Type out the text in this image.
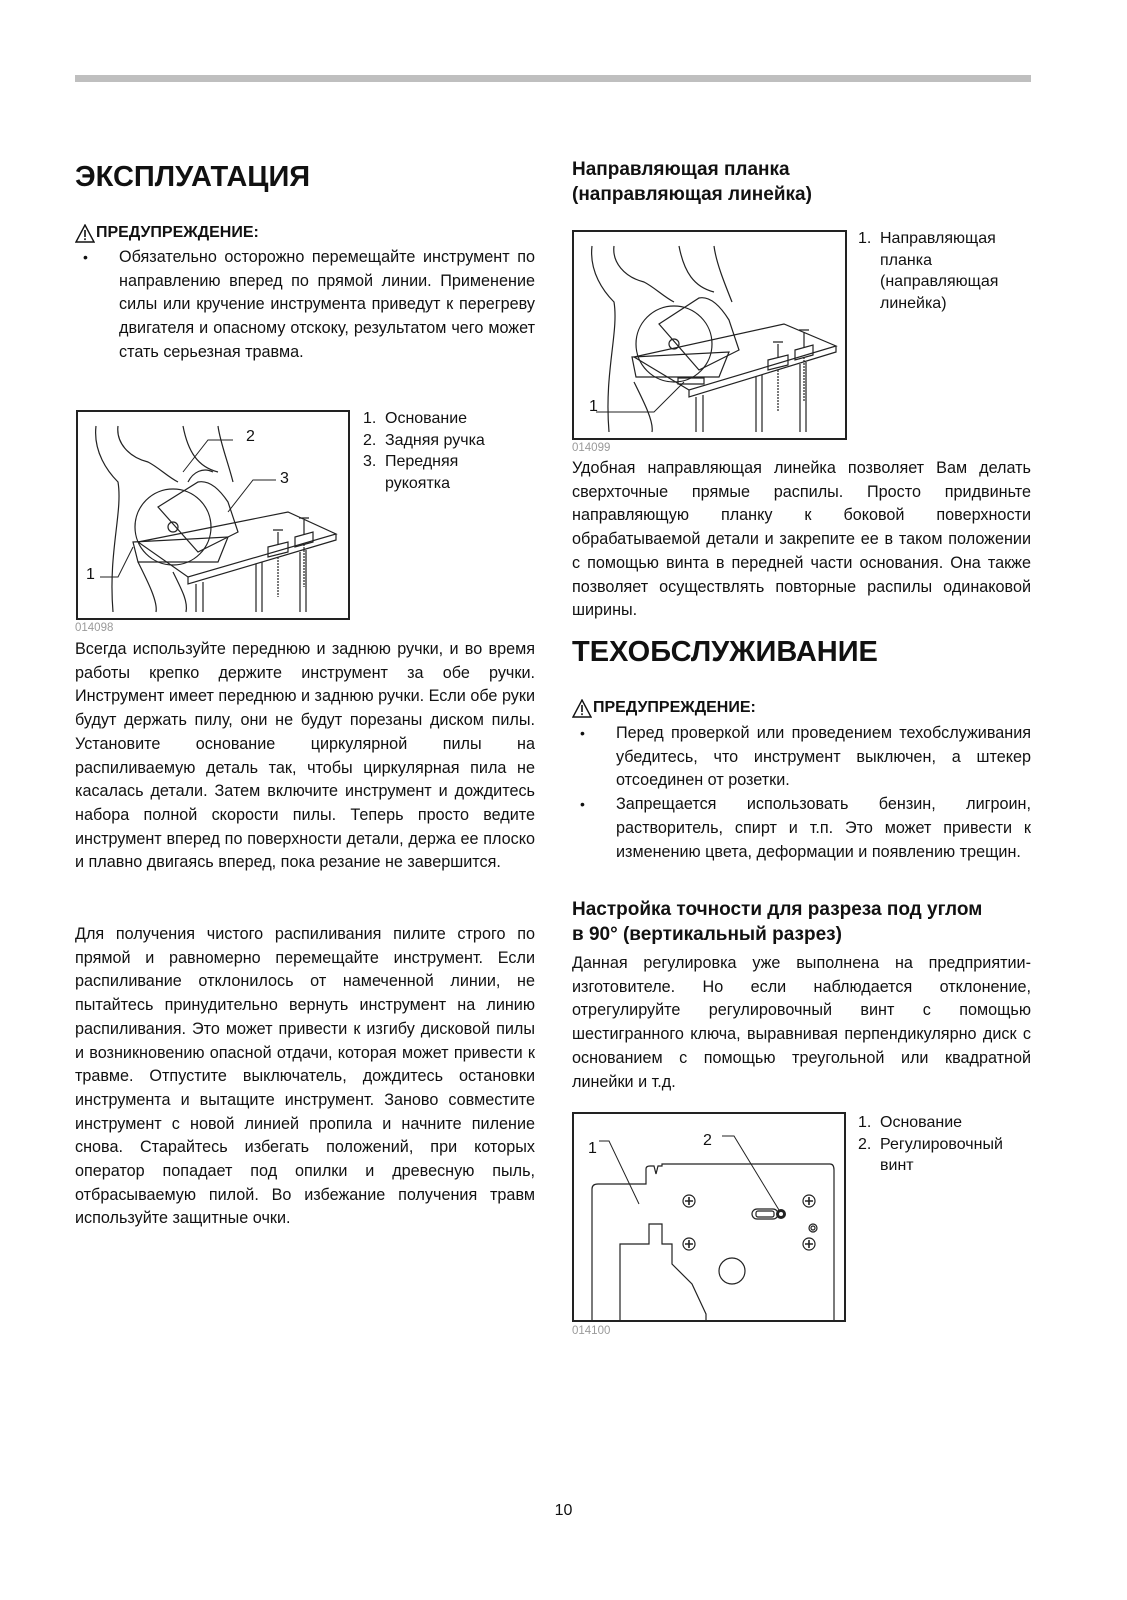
ЭКСПЛУАТАЦИЯ
ПРЕДУПРЕЖДЕНИЕ:
• Обязательно осторожно перемещайте инструмент по направлению вперед по прямой линии. Применение силы или кручение инструмента приведут к перегреву двигателя и опасному отскоку, результатом чего может стать серьезная травма.
2
3
1
1. Основание
2. Задняя ручка
3. Передняя рукоятка
014098

Всегда используйте переднюю и заднюю ручки, и во время работы крепко держите инструмент за обе ручки. Инструмент имеет переднюю и заднюю ручки. Если обе руки будут держать пилу, они не будут порезаны диском пилы. Установите основание циркулярной пилы на распиливаемую деталь так, чтобы циркулярная пила не касалась детали. Затем включите инструмент и дождитесь набора полной скорости пилы. Теперь просто ведите инструмент вперед по поверхности детали, держа ее плоско и плавно двигаясь вперед, пока резание не завершится.

Для получения чистого распиливания пилите строго по прямой и равномерно перемещайте инструмент. Если распиливание отклонилось от намеченной линии, не пытайтесь принудительно вернуть инструмент на линию распиливания. Это может привести к изгибу дисковой пилы и возникновению опасной отдачи, которая может привести к травме. Отпустите выключатель, дождитесь остановки инструмента и вытащите инструмент. Заново совместите инструмент с новой линией пропила и начните пиление снова. Старайтесь избегать положений, при которых оператор попадает под опилки и древесную пыль, отбрасываемую пилой. Во избежание получения травм используйте защитные очки.

Направляющая планка
(направляющая линейка)
1
1. Направляющая планка (направляющая линейка)
014099

Удобная направляющая линейка позволяет Вам делать сверхточные прямые распилы. Просто придвиньте направляющую планку к боковой поверхности обрабатываемой детали и закрепите ее в таком положении с помощью винта в передней части основания. Она также позволяет осуществлять повторные распилы одинаковой ширины.

ТЕХОБСЛУЖИВАНИЕ
ПРЕДУПРЕЖДЕНИЕ:
• Перед проверкой или проведением техобслуживания убедитесь, что инструмент выключен, а штекер отсоединен от розетки.
• Запрещается использовать бензин, лигроин, растворитель, спирт и т.п. Это может привести к изменению цвета, деформации и появлению трещин.
Настройка точности для разреза под углом
в 90° (вертикальный разрез)

Данная регулировка уже выполнена на предприятии-изготовителе. Но если наблюдается отклонение, отрегулируйте регулировочный винт с помощью шестигранного ключа, выравнивая перпендикулярно диск с основанием с помощью треугольной или квадратной линейки и т.д.

1	2
1. Основание
2. Регулировочный винт
014100
10
